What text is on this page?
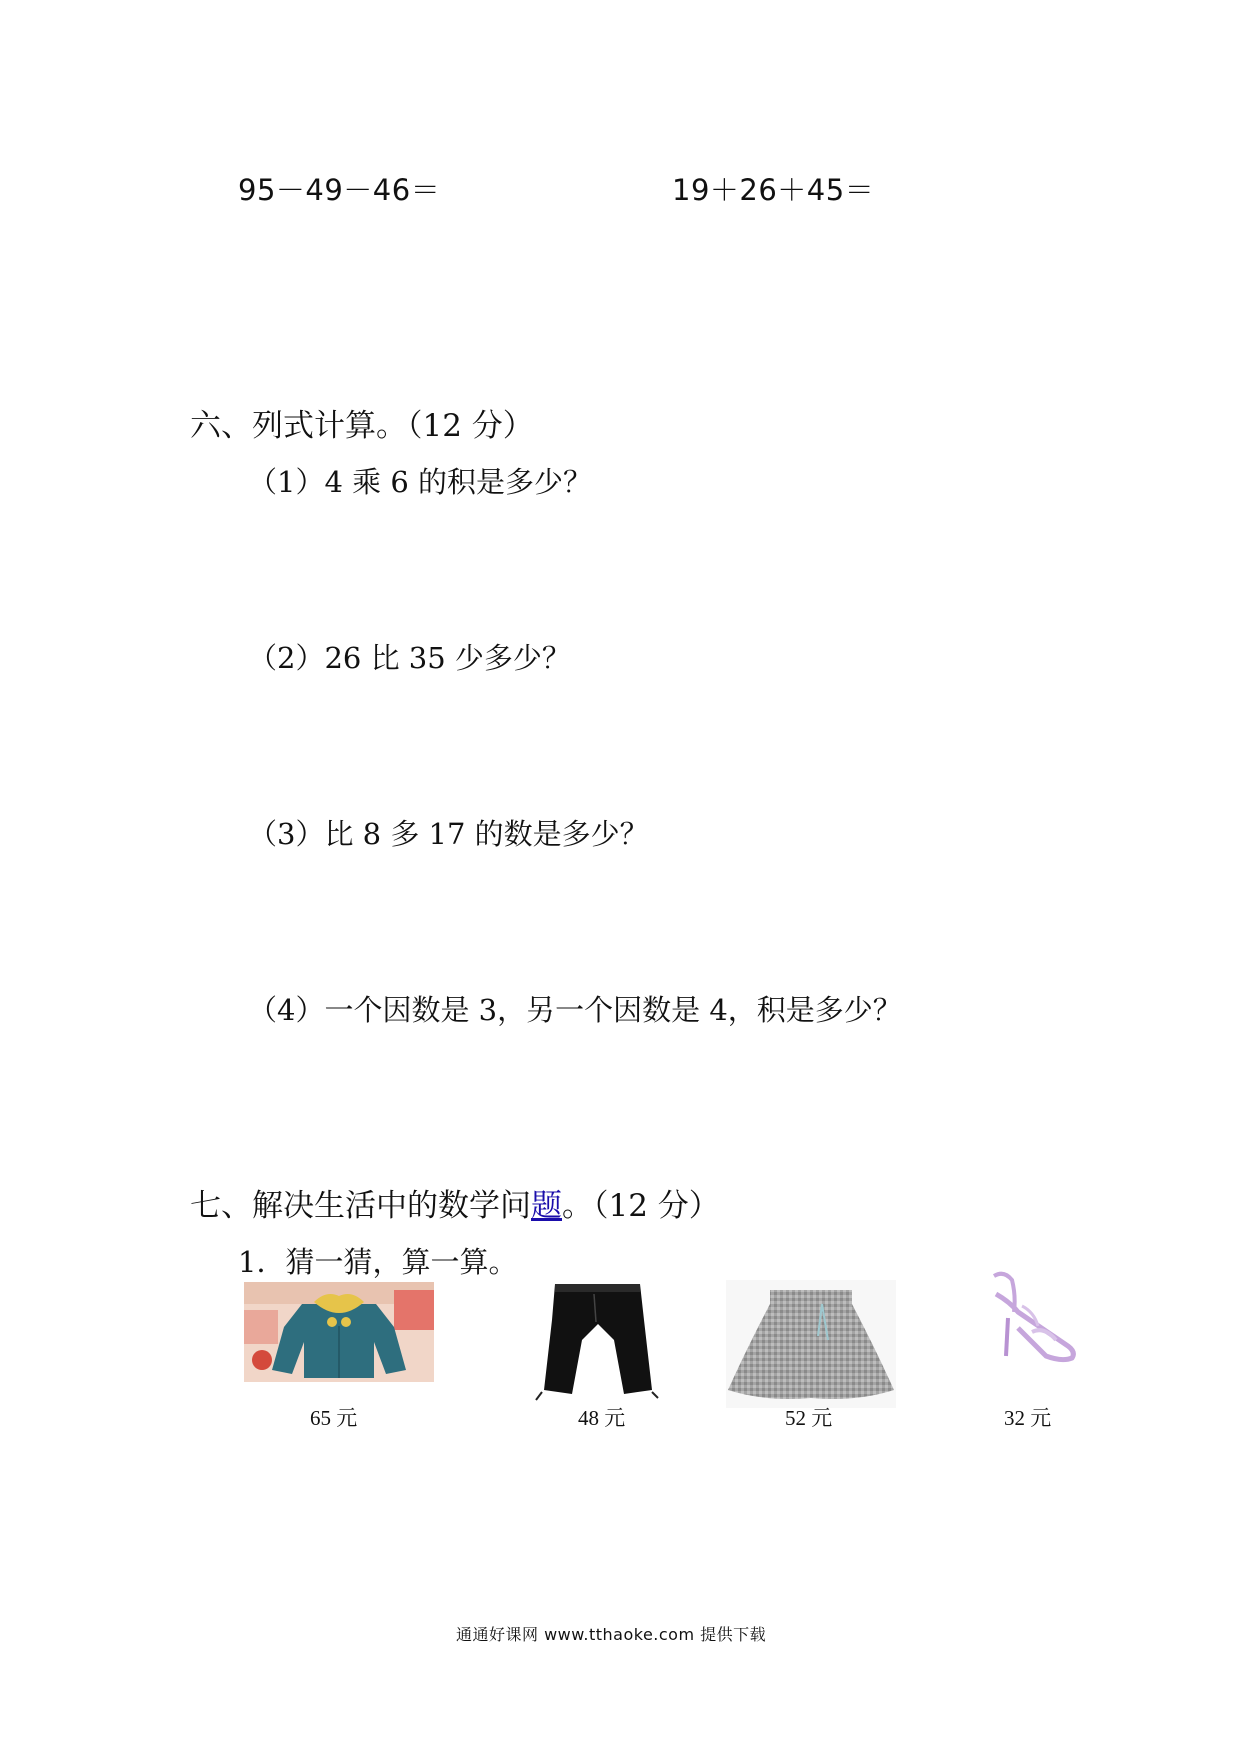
95－49－46＝	19＋26＋45＝
六、列式计算。（12 分）
（1）4 乘 6 的积是多少？
（2）26 比 35 少多少？
（3）比 8 多 17 的数是多少？
（4）一个因数是 3，另一个因数是 4，积是多少？
七、解决生活中的数学问题。（12 分）
1．猜一猜，算一算。
65 元	48 元	52 元	32 元
通通好课网 www.tthaoke.com 提供下载
